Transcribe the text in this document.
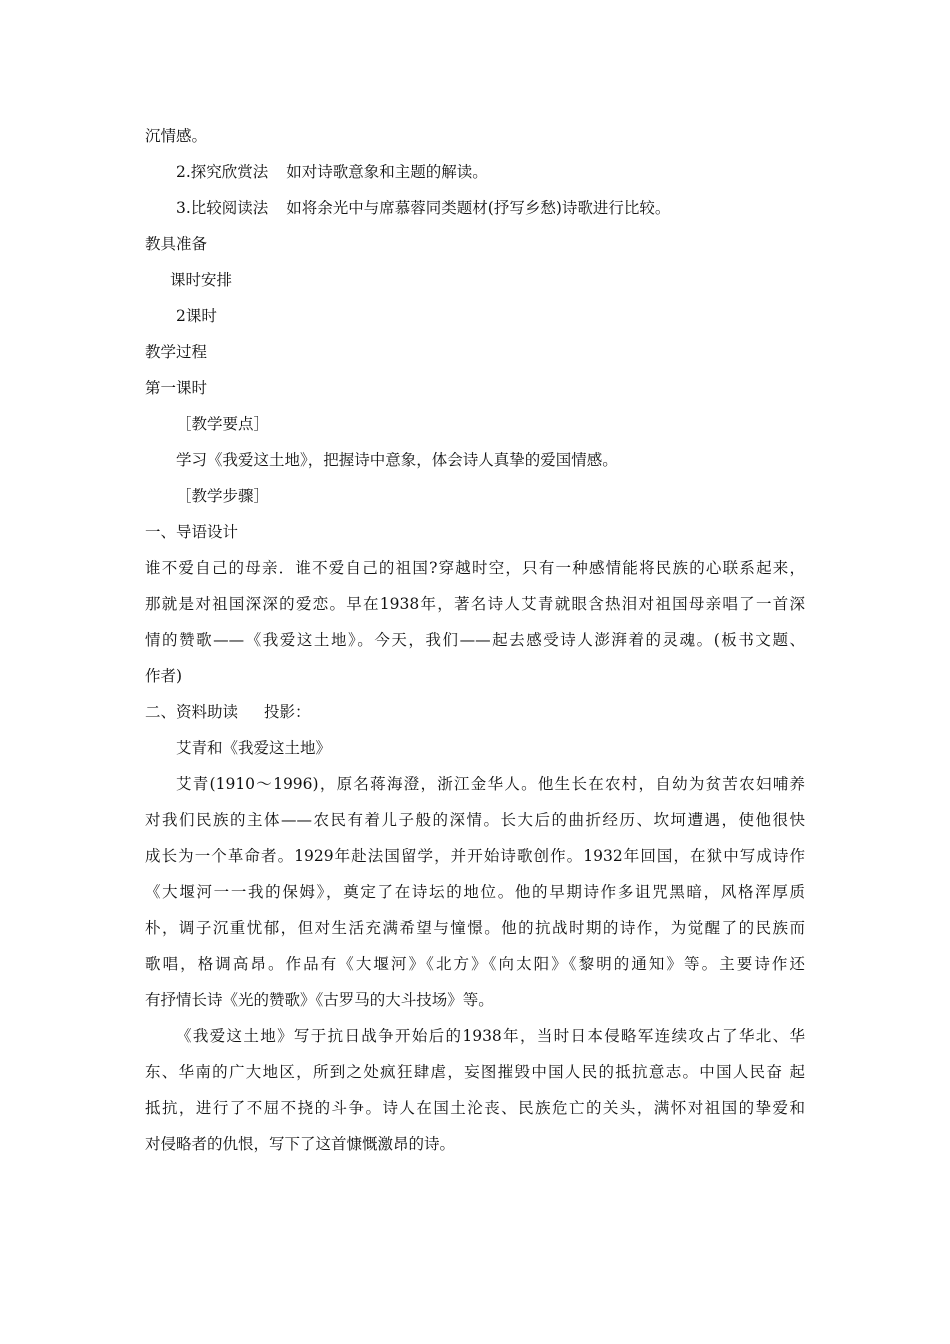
沉情感。
2.探究欣赏法 如对诗歌意象和主题的解读。
3.比较阅读法 如将余光中与席慕蓉同类题材(抒写乡愁)诗歌进行比较。
教具准备
课时安排
2课时
教学过程
第一课时
［教学要点］
学习《我爱这土地》，把握诗中意象，体会诗人真挚的爱国情感。
［教学步骤］
一、导语设计
谁不爱自己的母亲．谁不爱自己的祖国?穿越时空，只有一种感情能将民族的心联系起来，
那就是对祖国深深的爱恋。早在1938年，著名诗人艾青就眼含热泪对祖国母亲唱了一首深
情的赞歌——《我爱这土地》。今天，我们——起去感受诗人澎湃着的灵魂。(板书文题、
作者)
二、资料助读 投影：
艾青和《我爱这土地》
艾青(1910～1996)，原名蒋海澄，浙江金华人。他生长在农村，自幼为贫苦农妇哺养
对我们民族的主体——农民有着儿子般的深情。长大后的曲折经历、坎坷遭遇，使他很快
成长为一个革命者。1929年赴法国留学，并开始诗歌创作。1932年回国，在狱中写成诗作
《大堰河一一我的保姆》，奠定了在诗坛的地位。他的早期诗作多诅咒黑暗，风格浑厚质
朴，调子沉重忧郁，但对生活充满希望与憧憬。他的抗战时期的诗作，为觉醒了的民族而
歌唱，格调高昂。作品有《大堰河》《北方》《向太阳》《黎明的通知》等。主要诗作还
有抒情长诗《光的赞歌》《古罗马的大斗技场》等。
《我爱这土地》写于抗日战争开始后的1938年，当时日本侵略军连续攻占了华北、华
东、华南的广大地区，所到之处疯狂肆虐，妄图摧毁中国人民的抵抗意志。中国人民奋 起
抵抗，进行了不屈不挠的斗争。诗人在国土沦丧、民族危亡的关头，满怀对祖国的挚爱和
对侵略者的仇恨，写下了这首慷慨激昂的诗。
